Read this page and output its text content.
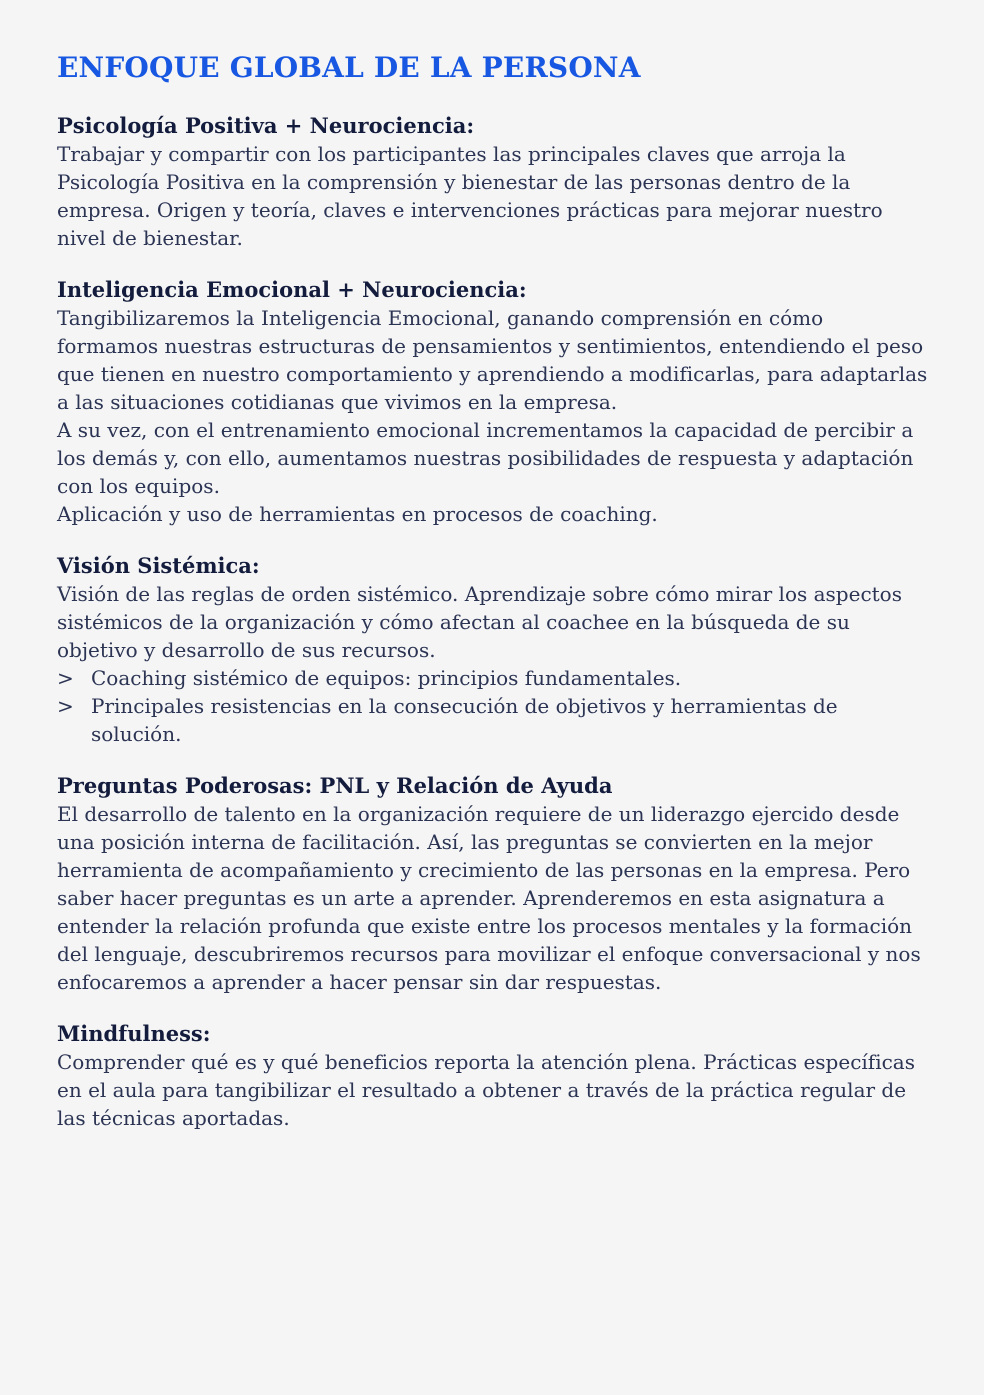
ENFOQUE GLOBAL DE LA PERSONA
Psicología Positiva + Neurociencia:

Trabajar y compartir con los participantes las principales claves que arroja la Psicología Positiva en la comprensión y bienestar de las personas dentro de la empresa. Origen y teoría, claves e intervenciones prácticas para mejorar nuestro nivel de bienestar.

Inteligencia Emocional + Neurociencia:

Tangibilizaremos la Inteligencia Emocional, ganando comprensión en cómo formamos nuestras estructuras de pensamientos y sentimientos, entendiendo el peso que tienen en nuestro comportamiento y aprendiendo a modificarlas, para adaptarlas a las situaciones cotidianas que vivimos en la empresa.

A su vez, con el entrenamiento emocional incrementamos la capacidad de percibir a los demás y, con ello, aumentamos nuestras posibilidades de respuesta y adaptación con los equipos.

Aplicación y uso de herramientas en procesos de coaching.

Visión Sistémica:

Visión de las reglas de orden sistémico. Aprendizaje sobre cómo mirar los aspectos sistémicos de la organización y cómo afectan al coachee en la búsqueda de su objetivo y desarrollo de sus recursos.

> Coaching sistémico de equipos: principios fundamentales.
> Principales resistencias en la consecución de objetivos y herramientas de solución.
Preguntas Poderosas: PNL y Relación de Ayuda

El desarrollo de talento en la organización requiere de un liderazgo ejercido desde una posición interna de facilitación. Así, las preguntas se convierten en la mejor herramienta de acompañamiento y crecimiento de las personas en la empresa. Pero saber hacer preguntas es un arte a aprender. Aprenderemos en esta asignatura a entender la relación profunda que existe entre los procesos mentales y la formación del lenguaje, descubriremos recursos para movilizar el enfoque conversacional y nos enfocaremos a aprender a hacer pensar sin dar respuestas.

Mindfulness:

Comprender qué es y qué beneficios reporta la atención plena. Prácticas específicas en el aula para tangibilizar el resultado a obtener a través de la práctica regular de las técnicas aportadas.
